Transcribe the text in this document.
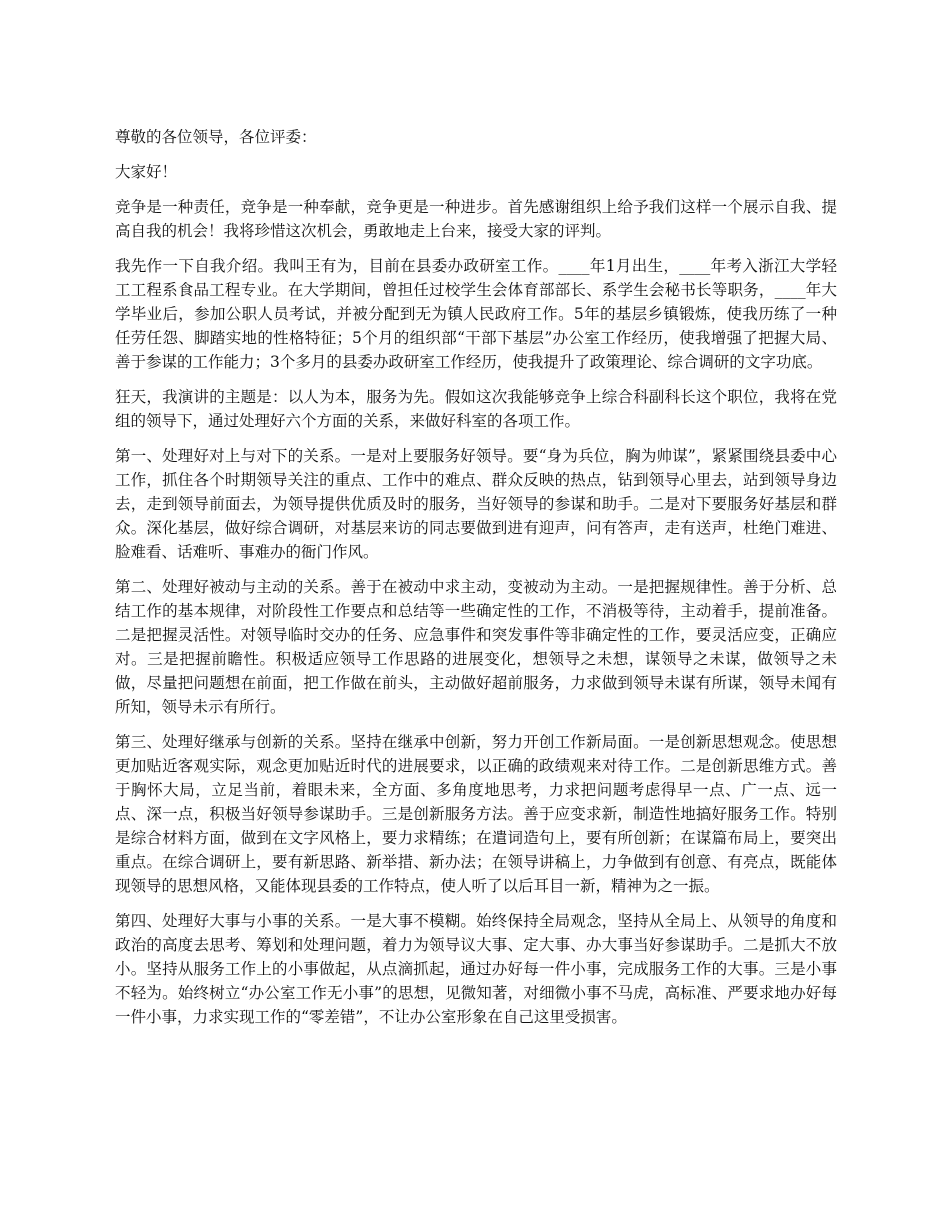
尊敬的各位领导，各位评委：

大家好！

竞争是一种责任，竞争是一种奉献，竞争更是一种进步。首先感谢组织上给予我们这样一个展示自我、提高自我的机会！我将珍惜这次机会，勇敢地走上台来，接受大家的评判。

我先作一下自我介绍。我叫王有为，目前在县委办政研室工作。____年1月出生，____年考入浙江大学轻工工程系食品工程专业。在大学期间，曾担任过校学生会体育部部长、系学生会秘书长等职务，____年大学毕业后，参加公职人员考试，并被分配到无为镇人民政府工作。5年的基层乡镇锻炼，使我历练了一种任劳任怨、脚踏实地的性格特征；5个月的组织部“干部下基层”办公室工作经历，使我增强了把握大局、善于参谋的工作能力；3个多月的县委办政研室工作经历，使我提升了政策理论、综合调研的文字功底。

狂天，我演讲的主题是：以人为本，服务为先。假如这次我能够竞争上综合科副科长这个职位，我将在党组的领导下，通过处理好六个方面的关系，来做好科室的各项工作。

第一、处理好对上与对下的关系。一是对上要服务好领导。要“身为兵位，胸为帅谋”，紧紧围绕县委中心工作，抓住各个时期领导关注的重点、工作中的难点、群众反映的热点，钻到领导心里去，站到领导身边去，走到领导前面去，为领导提供优质及时的服务，当好领导的参谋和助手。二是对下要服务好基层和群众。深化基层，做好综合调研，对基层来访的同志要做到进有迎声，问有答声，走有送声，杜绝门难进、脸难看、话难听、事难办的衙门作风。

第二、处理好被动与主动的关系。善于在被动中求主动，变被动为主动。一是把握规律性。善于分析、总结工作的基本规律，对阶段性工作要点和总结等一些确定性的工作，不消极等待，主动着手，提前准备。二是把握灵活性。对领导临时交办的任务、应急事件和突发事件等非确定性的工作，要灵活应变，正确应对。三是把握前瞻性。积极适应领导工作思路的进展变化，想领导之未想，谋领导之未谋，做领导之未做，尽量把问题想在前面，把工作做在前头，主动做好超前服务，力求做到领导未谋有所谋，领导未闻有所知，领导未示有所行。

第三、处理好继承与创新的关系。坚持在继承中创新，努力开创工作新局面。一是创新思想观念。使思想更加贴近客观实际，观念更加贴近时代的进展要求，以正确的政绩观来对待工作。二是创新思维方式。善于胸怀大局，立足当前，着眼未来，全方面、多角度地思考，力求把问题考虑得早一点、广一点、远一点、深一点，积极当好领导参谋助手。三是创新服务方法。善于应变求新，制造性地搞好服务工作。特别是综合材料方面，做到在文字风格上，要力求精练；在遣词造句上，要有所创新；在谋篇布局上，要突出重点。在综合调研上，要有新思路、新举措、新办法；在领导讲稿上，力争做到有创意、有亮点，既能体现领导的思想风格，又能体现县委的工作特点，使人听了以后耳目一新，精神为之一振。

第四、处理好大事与小事的关系。一是大事不模糊。始终保持全局观念，坚持从全局上、从领导的角度和政治的高度去思考、筹划和处理问题，着力为领导议大事、定大事、办大事当好参谋助手。二是抓大不放小。坚持从服务工作上的小事做起，从点滴抓起，通过办好每一件小事，完成服务工作的大事。三是小事不轻为。始终树立“办公室工作无小事”的思想，见微知著，对细微小事不马虎，高标准、严要求地办好每一件小事，力求实现工作的“零差错”，不让办公室形象在自己这里受损害。
